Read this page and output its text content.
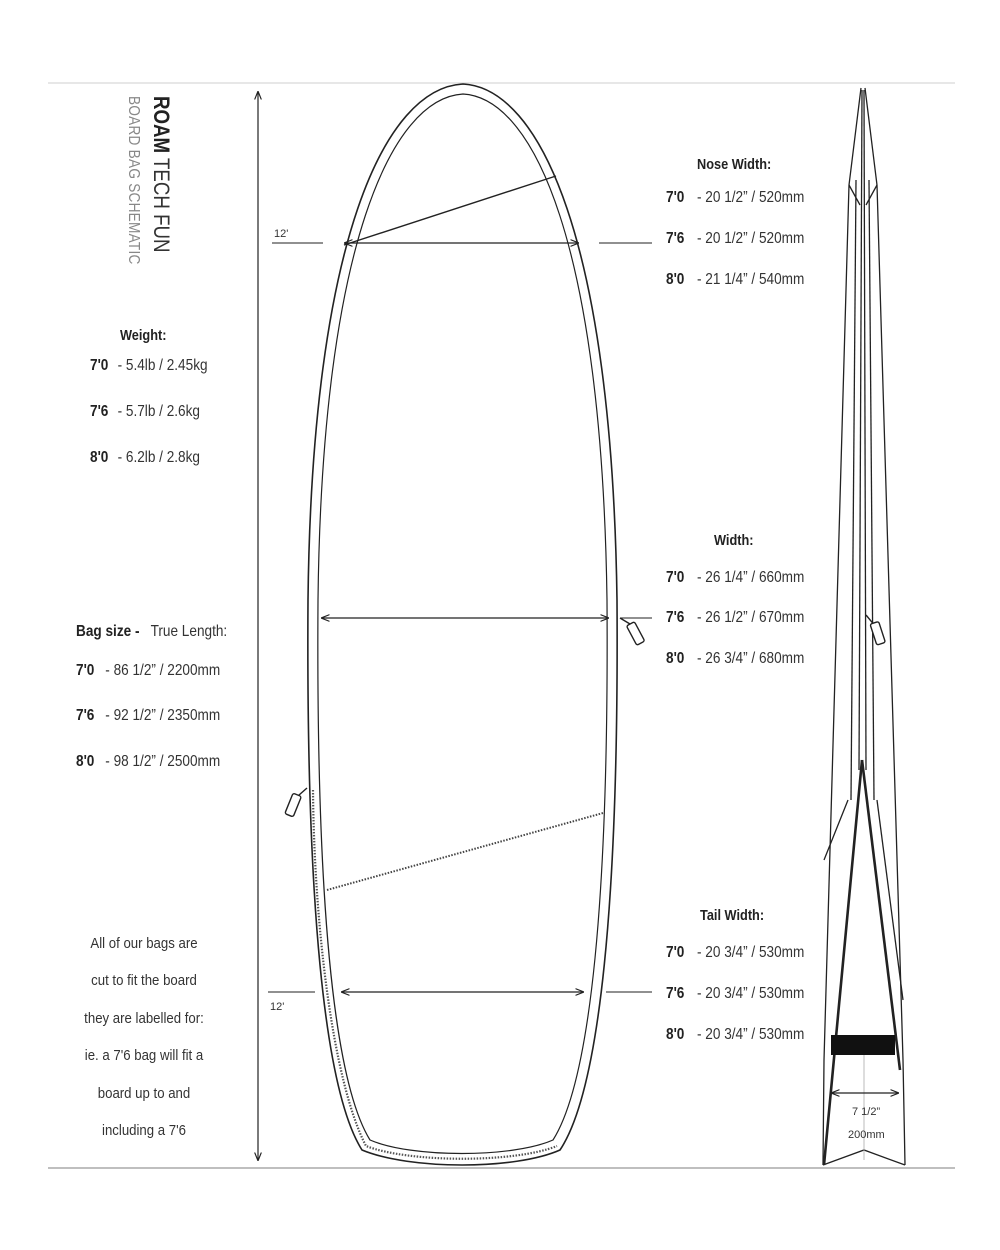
ROAM TECH FUN
BOARD BAG SCHEMATIC
Weight:
7'0 - 5.4lb / 2.45kg
7'6 - 5.7lb / 2.6kg
8'0 - 6.2lb / 2.8kg
Bag size - True Length:
7'0 - 86 1/2” / 2200mm
7'6 - 92 1/2” / 2350mm
8'0 - 98 1/2” / 2500mm
All of our bags are
cut to fit the board
they are labelled for:
ie. a 7'6 bag will fit a
board up to and
including a 7'6
12'
12'
Nose Width:
7'0 - 20 1/2” / 520mm
7'6 - 20 1/2” / 520mm
8'0 - 21 1/4” / 540mm
Width:
7'0 - 26 1/4” / 660mm
7'6 - 26 1/2” / 670mm
8'0 - 26 3/4” / 680mm
Tail Width:
7'0 - 20 3/4” / 530mm
7'6 - 20 3/4” / 530mm
8'0 - 20 3/4” / 530mm
7 1/2”
200mm
